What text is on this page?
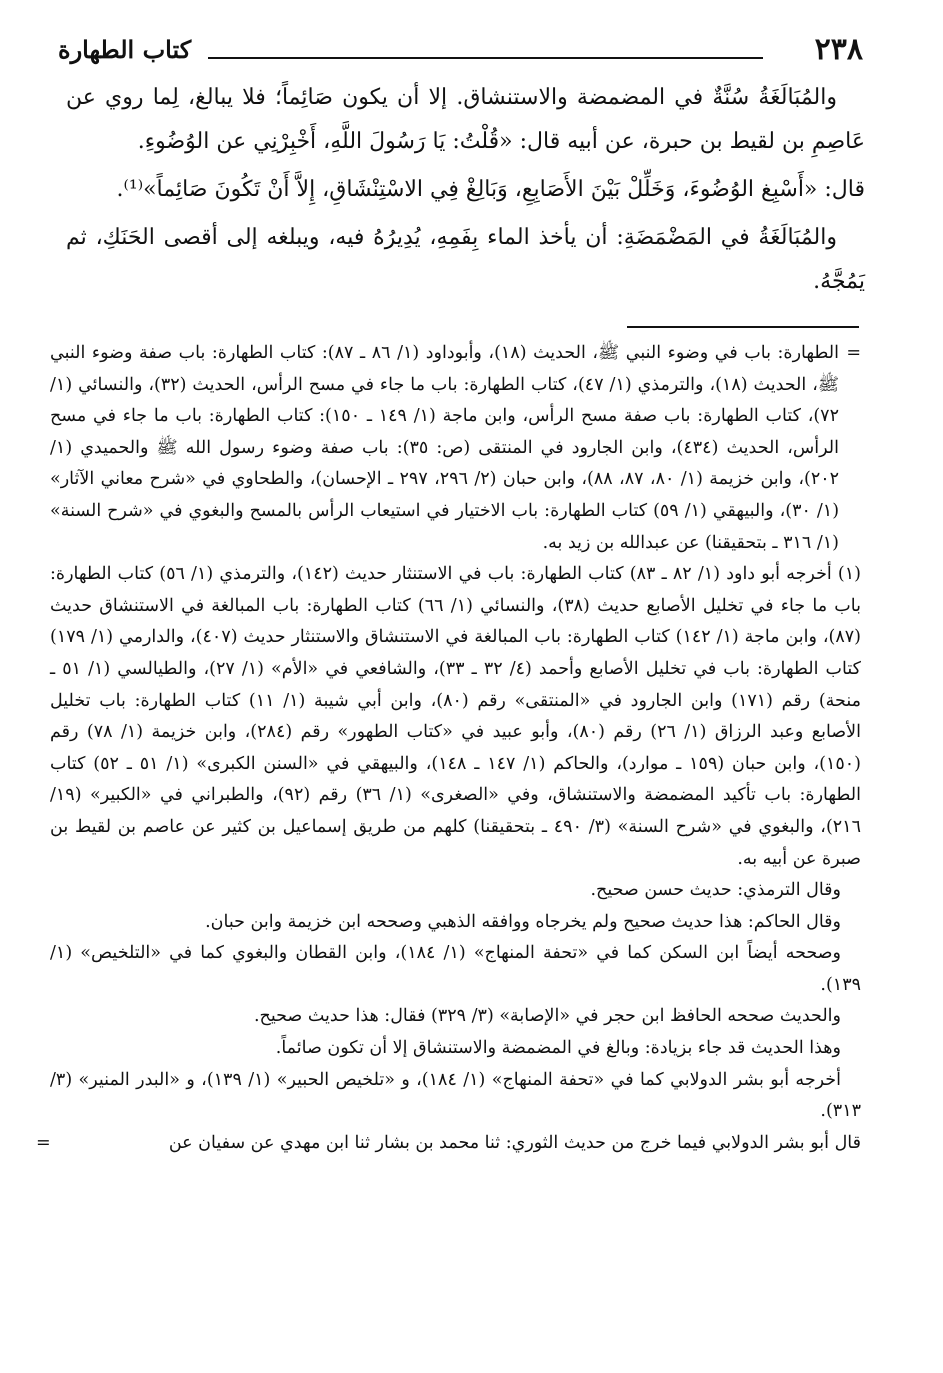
٢٣٨
كتاب الطهارة

والمُبَالَغَةُ سُنَّةٌ في المضمضة والاستنشاق. إلا أن يكون صَائِماً؛ فلا يبالغ، لِما روي عن عَاصِمِ بن لقيط بن حبرة، عن أبيه قال: «قُلْتُ: يَا رَسُولَ اللَّهِ، أَخْبِرْنِي عن الوُضُوءِ.

قال: «أَسْبِغ الوُضُوءَ، وَخَلِّلْ بَيْنَ الأَصَابِعِ، وَبَالِغْ فِي الاسْتِنْشَاقِ، إِلاَّ أَنْ تَكُونَ صَائِماً»⁽¹⁾.

والمُبَالَغَةُ في المَضْمَضَةِ: أن يأخذ الماء بِفَمِهِ، يُدِيرُهُ فيه، ويبلغه إلى أقصى الحَنَكِ، ثم يَمُجَّهُ.

=
الطهارة: باب في وضوء النبي ﷺ، الحديث (١٨)، وأبوداود (١/ ٨٦ ـ ٨٧): كتاب الطهارة: باب صفة وضوء النبي ﷺ، الحديث (١٨)، والترمذي (١/ ٤٧)، كتاب الطهارة: باب ما جاء في مسح الرأس، الحديث (٣٢)، والنسائي (١/ ٧٢)، كتاب الطهارة: باب صفة مسح الرأس، وابن ماجة (١/ ١٤٩ ـ ١٥٠): كتاب الطهارة: باب ما جاء في مسح الرأس، الحديث (٤٣٤)، وابن الجارود في المنتقى (ص: ٣٥): باب صفة وضوء رسول الله ﷺ والحميدي (١/ ٢٠٢)، وابن خزيمة (١/ ٨٠، ٨٧، ٨٨)، وابن حبان (٢/ ٢٩٦، ٢٩٧ ـ الإحسان)، والطحاوي في «شرح معاني الآثار» (١/ ٣٠)، والبيهقي (١/ ٥٩) كتاب الطهارة: باب الاختيار في استيعاب الرأس بالمسح والبغوي في «شرح السنة» (١/ ٣١٦ ـ بتحقيقنا) عن عبدالله بن زيد به.

(١) أخرجه أبو داود (١/ ٨٢ ـ ٨٣) كتاب الطهارة: باب في الاستنثار حديث (١٤٢)، والترمذي (١/ ٥٦) كتاب الطهارة: باب ما جاء في تخليل الأصابع حديث (٣٨)، والنسائي (١/ ٦٦) كتاب الطهارة: باب المبالغة في الاستنشاق حديث (٨٧)، وابن ماجة (١/ ١٤٢) كتاب الطهارة: باب المبالغة في الاستنشاق والاستنثار حديث (٤٠٧)، والدارمي (١/ ١٧٩) كتاب الطهارة: باب في تخليل الأصابع وأحمد (٤/ ٣٢ ـ ٣٣)، والشافعي في «الأم» (١/ ٢٧)، والطيالسي (١/ ٥١ ـ منحة) رقم (١٧١) وابن الجارود في «المنتقى» رقم (٨٠)، وابن أبي شيبة (١/ ١١) كتاب الطهارة: باب تخليل الأصابع وعبد الرزاق (١/ ٢٦) رقم (٨٠)، وأبو عبيد في «كتاب الطهور» رقم (٢٨٤)، وابن خزيمة (١/ ٧٨) رقم (١٥٠)، وابن حبان (١٥٩ ـ موارد)، والحاكم (١/ ١٤٧ ـ ١٤٨)، والبيهقي في «السنن الكبرى» (١/ ٥١ ـ ٥٢) كتاب الطهارة: باب تأكيد المضمضة والاستنشاق، وفي «الصغرى» (١/ ٣٦) رقم (٩٢)، والطبراني في «الكبير» (١٩/ ٢١٦)، والبغوي في «شرح السنة» (٣/ ٤٩٠ ـ بتحقيقنا) كلهم من طريق إسماعيل بن كثير عن عاصم بن لقيط بن صبرة عن أبيه به.

وقال الترمذي: حديث حسن صحيح.

وقال الحاكم: هذا حديث صحيح ولم يخرجاه ووافقه الذهبي وصححه ابن خزيمة وابن حبان.

وصححه أيضاً ابن السكن كما في «تحفة المنهاج» (١/ ١٨٤)، وابن القطان والبغوي كما في «التلخيص» (١/ ١٣٩).

والحديث صححه الحافظ ابن حجر في «الإصابة» (٣/ ٣٢٩) فقال: هذا حديث صحيح.

وهذا الحديث قد جاء بزيادة: وبالغ في المضمضة والاستنشاق إلا أن تكون صائماً.

أخرجه أبو بشر الدولابي كما في «تحفة المنهاج» (١/ ١٨٤)، و «تلخيص الحبير» (١/ ١٣٩)، و «البدر المنير» (٣/ ٣١٣).

قال أبو بشر الدولابي فيما خرج من حديث الثوري: ثنا محمد بن بشار ثنا ابن مهدي عن سفيان عن
=
